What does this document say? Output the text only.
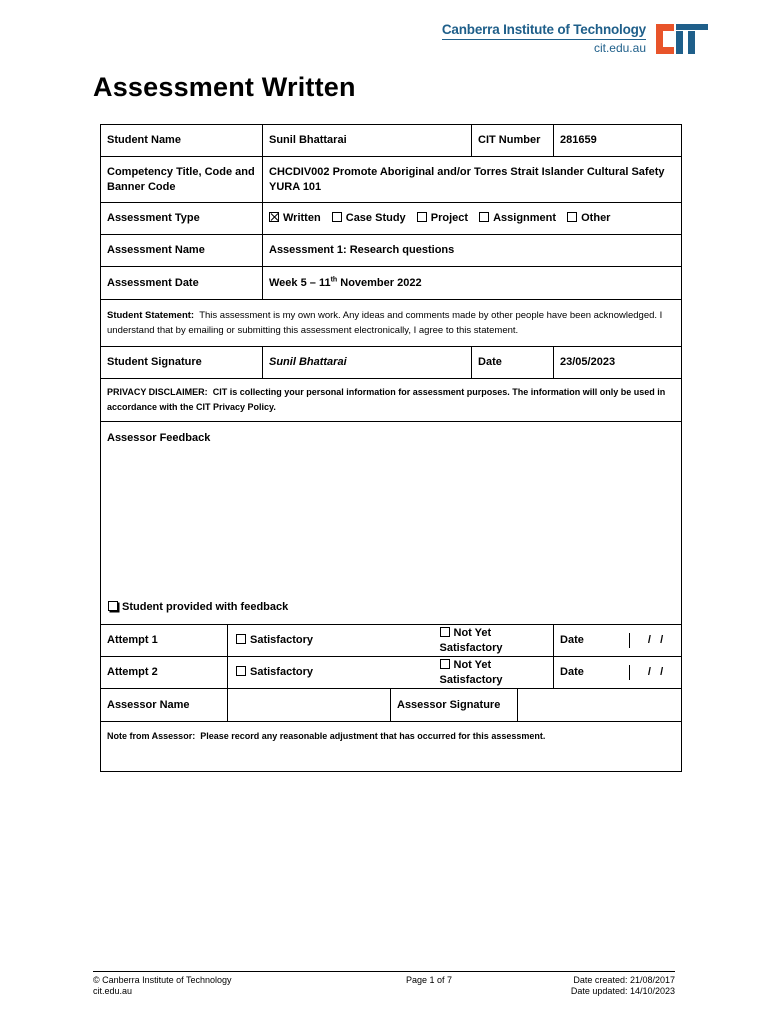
Canberra Institute of Technology
cit.edu.au
Assessment Written
Student Name		Sunil Bhattarai			CIT Number		281659
Competency Title, Code and Banner Code		CHCDIV002 Promote Aboriginal and/or Torres Strait Islander Cultural Safety YURA 101					
Assessment Type		Written Case Study Project Assignment Other					
Assessment Name		Assessment 1: Research questions					
Assessment Date		Week 5 – 11th November 2022					
Student Statement: This assessment is my own work. Any ideas and comments made by other people have been acknowledged. I understand that by emailing or submitting this assessment electronically, I agree to this statement.							
Student Signature		Sunil Bhattarai			Date		23/05/2023
PRIVACY DISCLAIMER: CIT is collecting your personal information for assessment purposes. The information will only be used in accordance with the CIT Privacy Policy.							

Assessor Feedback
Student provided with feedback							

Attempt 1	Satisfactory			Not Yet Satisfactory			Date /   /

Attempt 2	Satisfactory			Not Yet Satisfactory			Date /   /

Assessor Name			Assessor Signature				
Note from Assessor: Please record any reasonable adjustment that has occurred for this assessment.							
© Canberra Institute of Technology
cit.edu.au
Page 1 of 7	Date created: 21/08/2017
Date updated: 14/10/2023
